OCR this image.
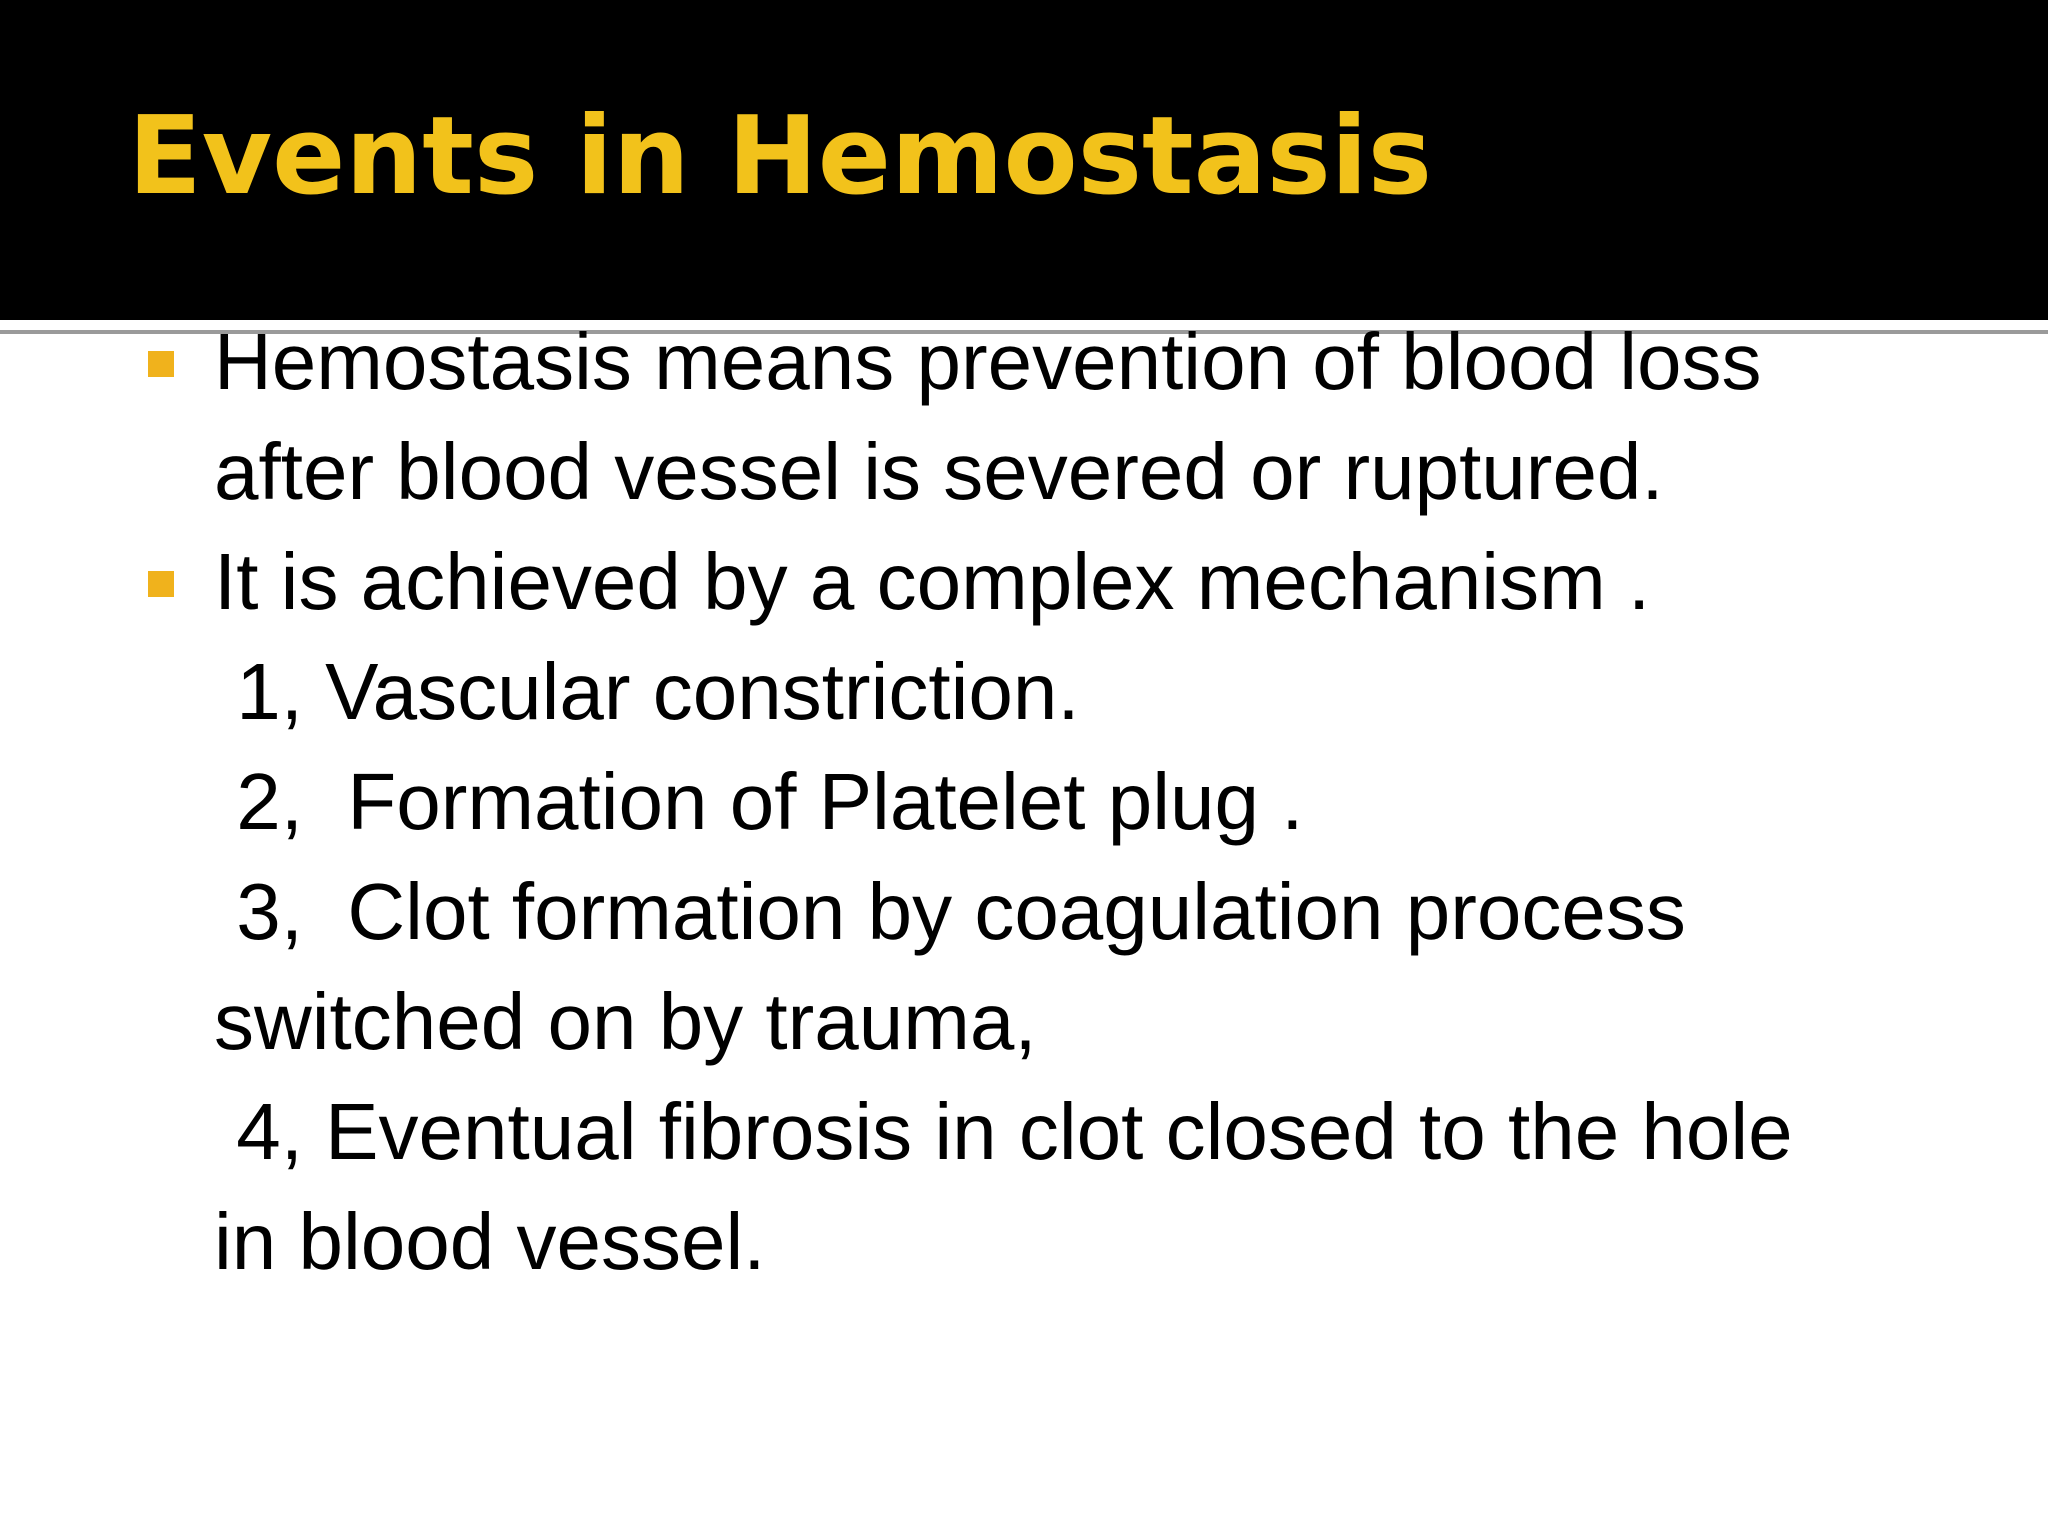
Events in Hemostasis

Hemostasis means prevention of blood loss

after blood vessel is severed or ruptured.

It is achieved by a complex mechanism .

1, Vascular constriction.

2,  Formation of Platelet plug .

3,  Clot formation by coagulation process

switched on by trauma,

4, Eventual fibrosis in clot closed to the hole

in blood vessel.
